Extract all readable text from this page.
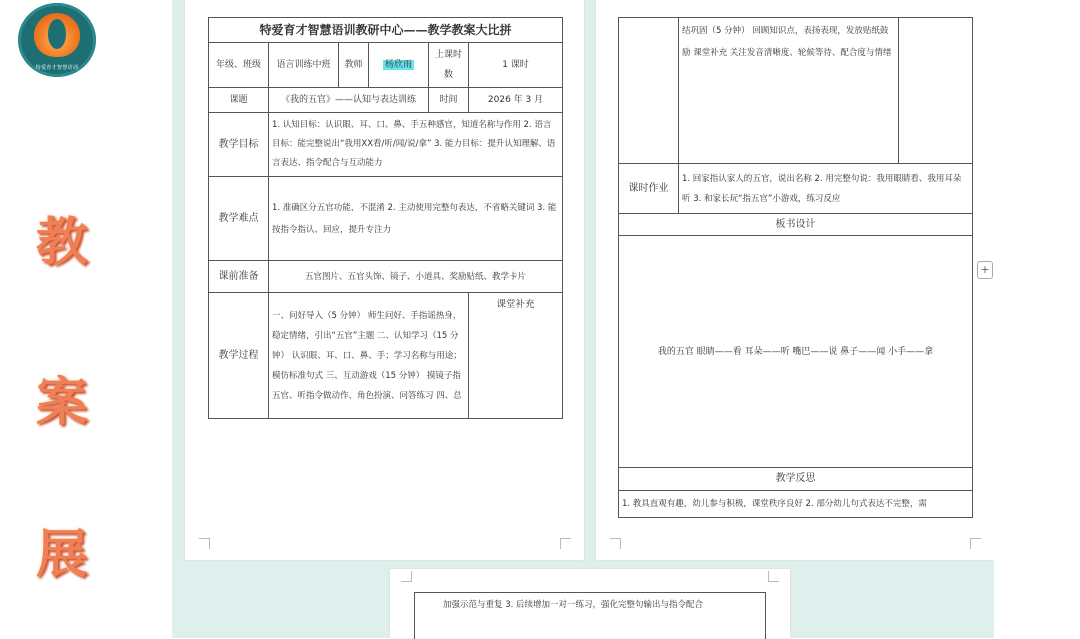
特爱育才智慧语训
教
案
展
特爱育才智慧语训教研中心——教学教案大比拼					
年级、班级	语言训练中班	教师	杨欣雨	上课时数	1 课时
课题	《我的五官》——认知与表达训练			时间	2026 年 3 月
教学目标	1. 认知目标：认识眼、耳、口、鼻、手五种感官，知道名称与作用 2. 语言目标：能完整说出“我用XX看/听/闻/说/拿” 3. 能力目标：提升认知理解、语言表达、指令配合与互动能力				
教学难点	1. 准确区分五官功能，不混淆 2. 主动使用完整句表达，不省略关键词 3. 能按指令指认、回应，提升专注力				
课前准备	五官图片、五官头饰、镜子、小道具、奖励贴纸、教学卡片				
教学过程	一、问好导入（5 分钟） 师生问好、手指谣热身，稳定情绪，引出“五官”主题 二、认知学习（15 分钟） 认识眼、耳、口、鼻、手；学习名称与用途；模仿标准句式 三、互动游戏（15 分钟） 摸镜子指五官、听指令做动作、角色扮演、问答练习 四、总				课堂补充
	结巩固（5 分钟） 回顾知识点，表扬表现，发放贴纸鼓励 课堂补充 关注发音清晰度、轮候等待、配合度与情绪	
课时作业	1. 回家指认家人的五官，说出名称 2. 用完整句说：我用眼睛看、我用耳朵听 3. 和家长玩“指五官”小游戏，练习反应	
板书设计		
我的五官 眼睛——看 耳朵——听 嘴巴——说 鼻子——闻 小手——拿		
教学反思		
1. 教具直观有趣，幼儿参与积极，课堂秩序良好 2. 部分幼儿句式表达不完整，需		
加强示范与重复 3. 后续增加一对一练习，强化完整句输出与指令配合
+
